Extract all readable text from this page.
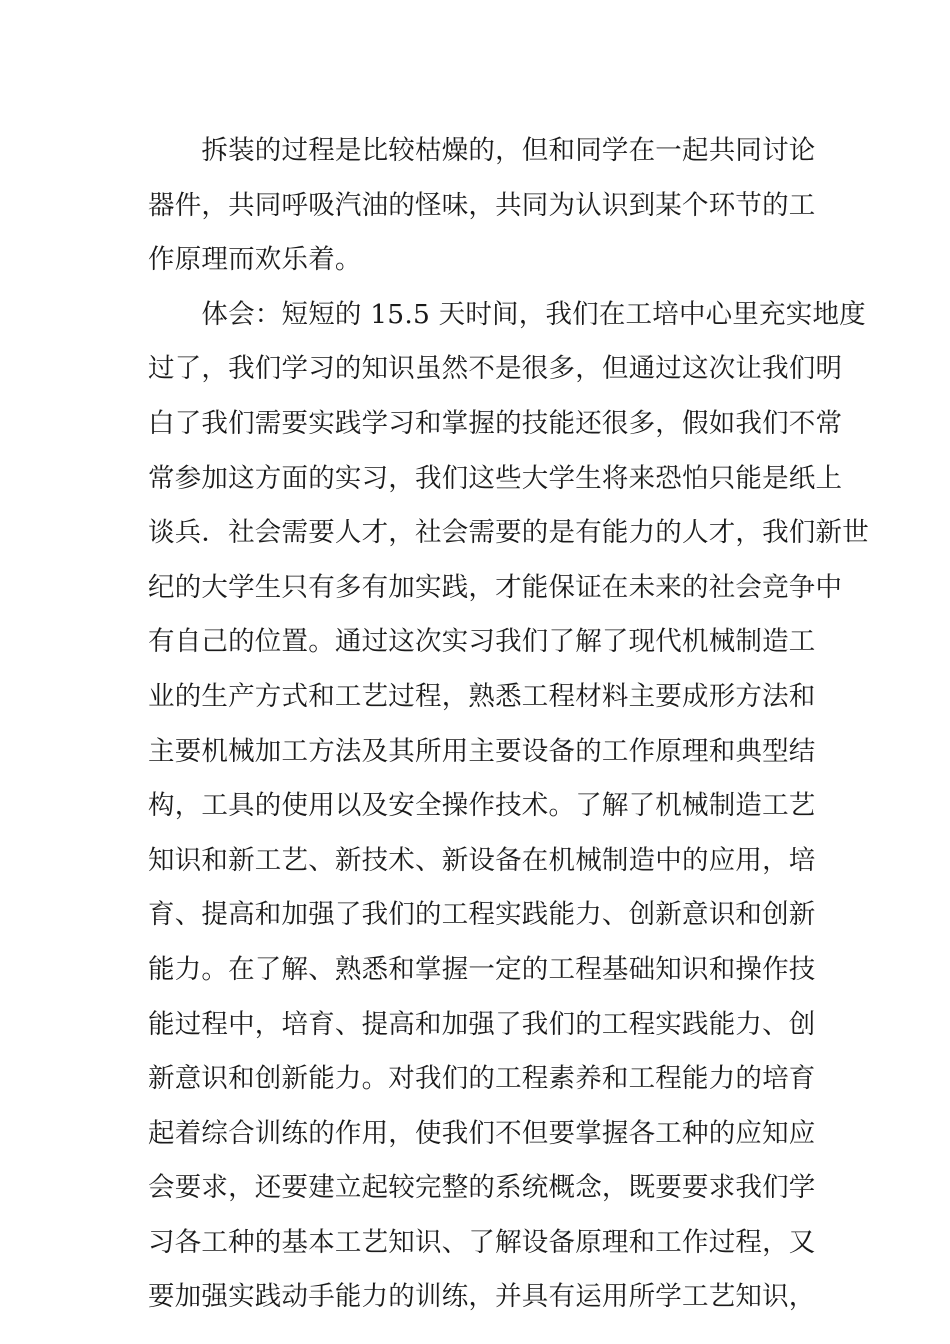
　　拆装的过程是比较枯燥的，但和同学在一起共同讨论
器件，共同呼吸汽油的怪味，共同为认识到某个环节的工
作原理而欢乐着。
　　体会：短短的 15.5 天时间，我们在工培中心里充实地度
过了，我们学习的知识虽然不是很多，但通过这次让我们明
白了我们需要实践学习和掌握的技能还很多，假如我们不常
常参加这方面的实习，我们这些大学生将来恐怕只能是纸上
谈兵．社会需要人才，社会需要的是有能力的人才，我们新世
纪的大学生只有多有加实践，才能保证在未来的社会竞争中
有自己的位置。通过这次实习我们了解了现代机械制造工
业的生产方式和工艺过程，熟悉工程材料主要成形方法和
主要机械加工方法及其所用主要设备的工作原理和典型结
构，工具的使用以及安全操作技术。了解了机械制造工艺
知识和新工艺、新技术、新设备在机械制造中的应用，培
育、提高和加强了我们的工程实践能力、创新意识和创新
能力。在了解、熟悉和掌握一定的工程基础知识和操作技
能过程中，培育、提高和加强了我们的工程实践能力、创
新意识和创新能力。对我们的工程素养和工程能力的培育
起着综合训练的作用，使我们不但要掌握各工种的应知应
会要求，还要建立起较完整的系统概念，既要要求我们学
习各工种的基本工艺知识、了解设备原理和工作过程，又
要加强实践动手能力的训练，并具有运用所学工艺知识，
